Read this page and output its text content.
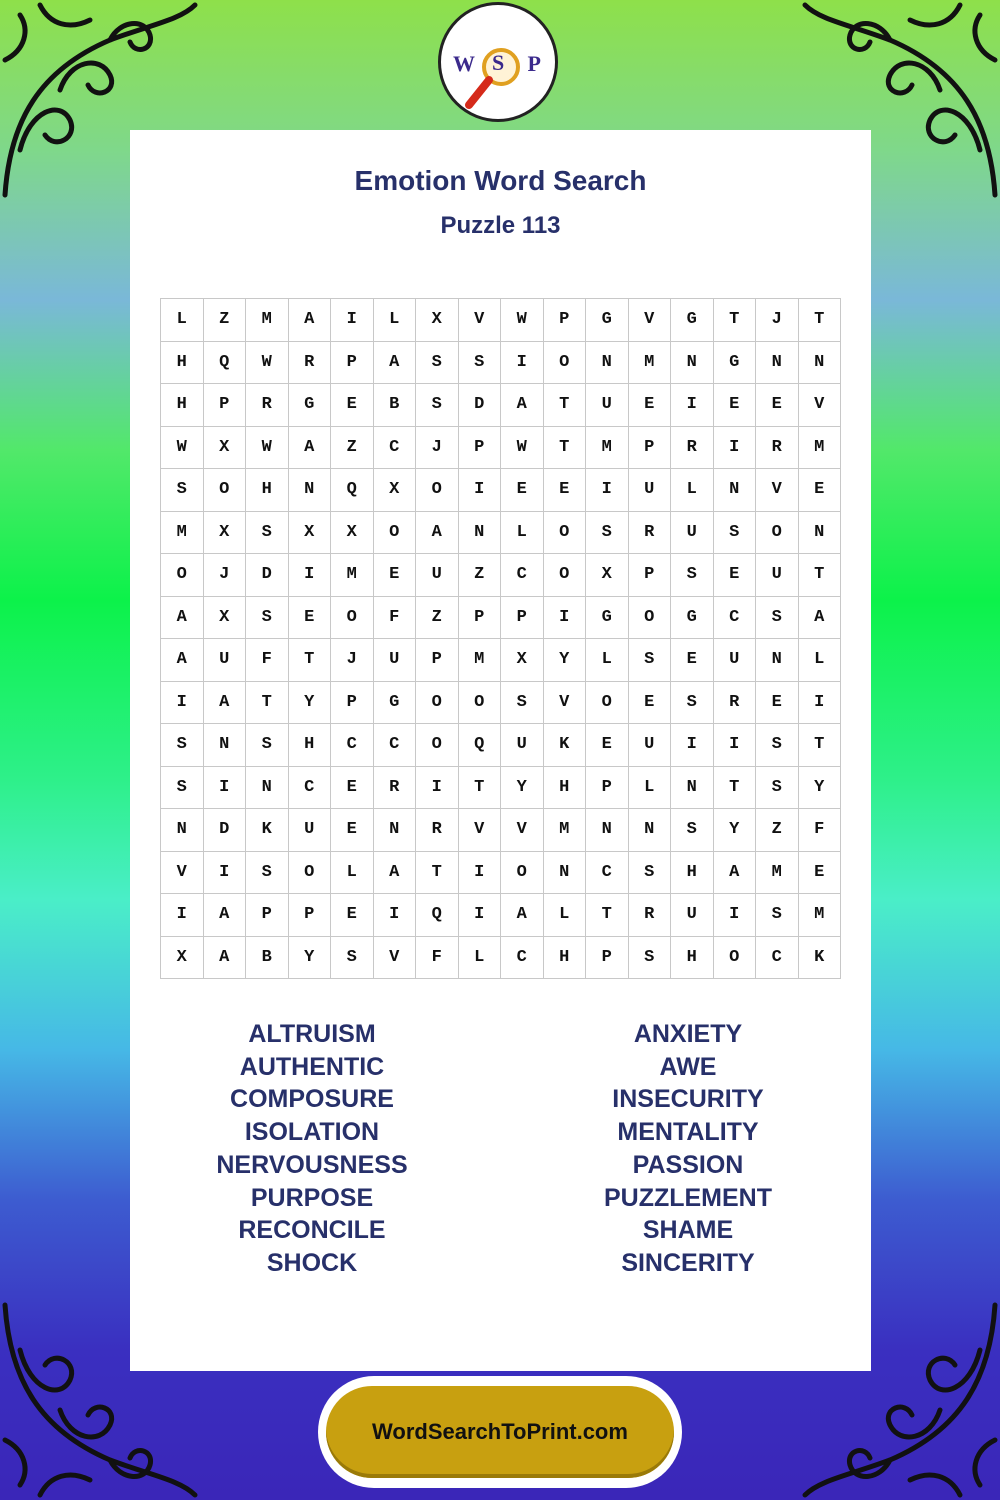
W S P
Emotion Word Search
Puzzle 113
L	Z	M	A	I	L	X	V	W	P	G	V	G	T	J	T
H	Q	W	R	P	A	S	S	I	O	N	M	N	G	N	N
H	P	R	G	E	B	S	D	A	T	U	E	I	E	E	V
W	X	W	A	Z	C	J	P	W	T	M	P	R	I	R	M
S	O	H	N	Q	X	O	I	E	E	I	U	L	N	V	E
M	X	S	X	X	O	A	N	L	O	S	R	U	S	O	N
O	J	D	I	M	E	U	Z	C	O	X	P	S	E	U	T
A	X	S	E	O	F	Z	P	P	I	G	O	G	C	S	A
A	U	F	T	J	U	P	M	X	Y	L	S	E	U	N	L
I	A	T	Y	P	G	O	O	S	V	O	E	S	R	E	I
S	N	S	H	C	C	O	Q	U	K	E	U	I	I	S	T
S	I	N	C	E	R	I	T	Y	H	P	L	N	T	S	Y
N	D	K	U	E	N	R	V	V	M	N	N	S	Y	Z	F
V	I	S	O	L	A	T	I	O	N	C	S	H	A	M	E
I	A	P	P	E	I	Q	I	A	L	T	R	U	I	S	M
X	A	B	Y	S	V	F	L	C	H	P	S	H	O	C	K
ALTRUISM
AUTHENTIC
COMPOSURE
ISOLATION
NERVOUSNESS
PURPOSE
RECONCILE
SHOCK
ANXIETY
AWE
INSECURITY
MENTALITY
PASSION
PUZZLEMENT
SHAME
SINCERITY
WordSearchToPrint.com
